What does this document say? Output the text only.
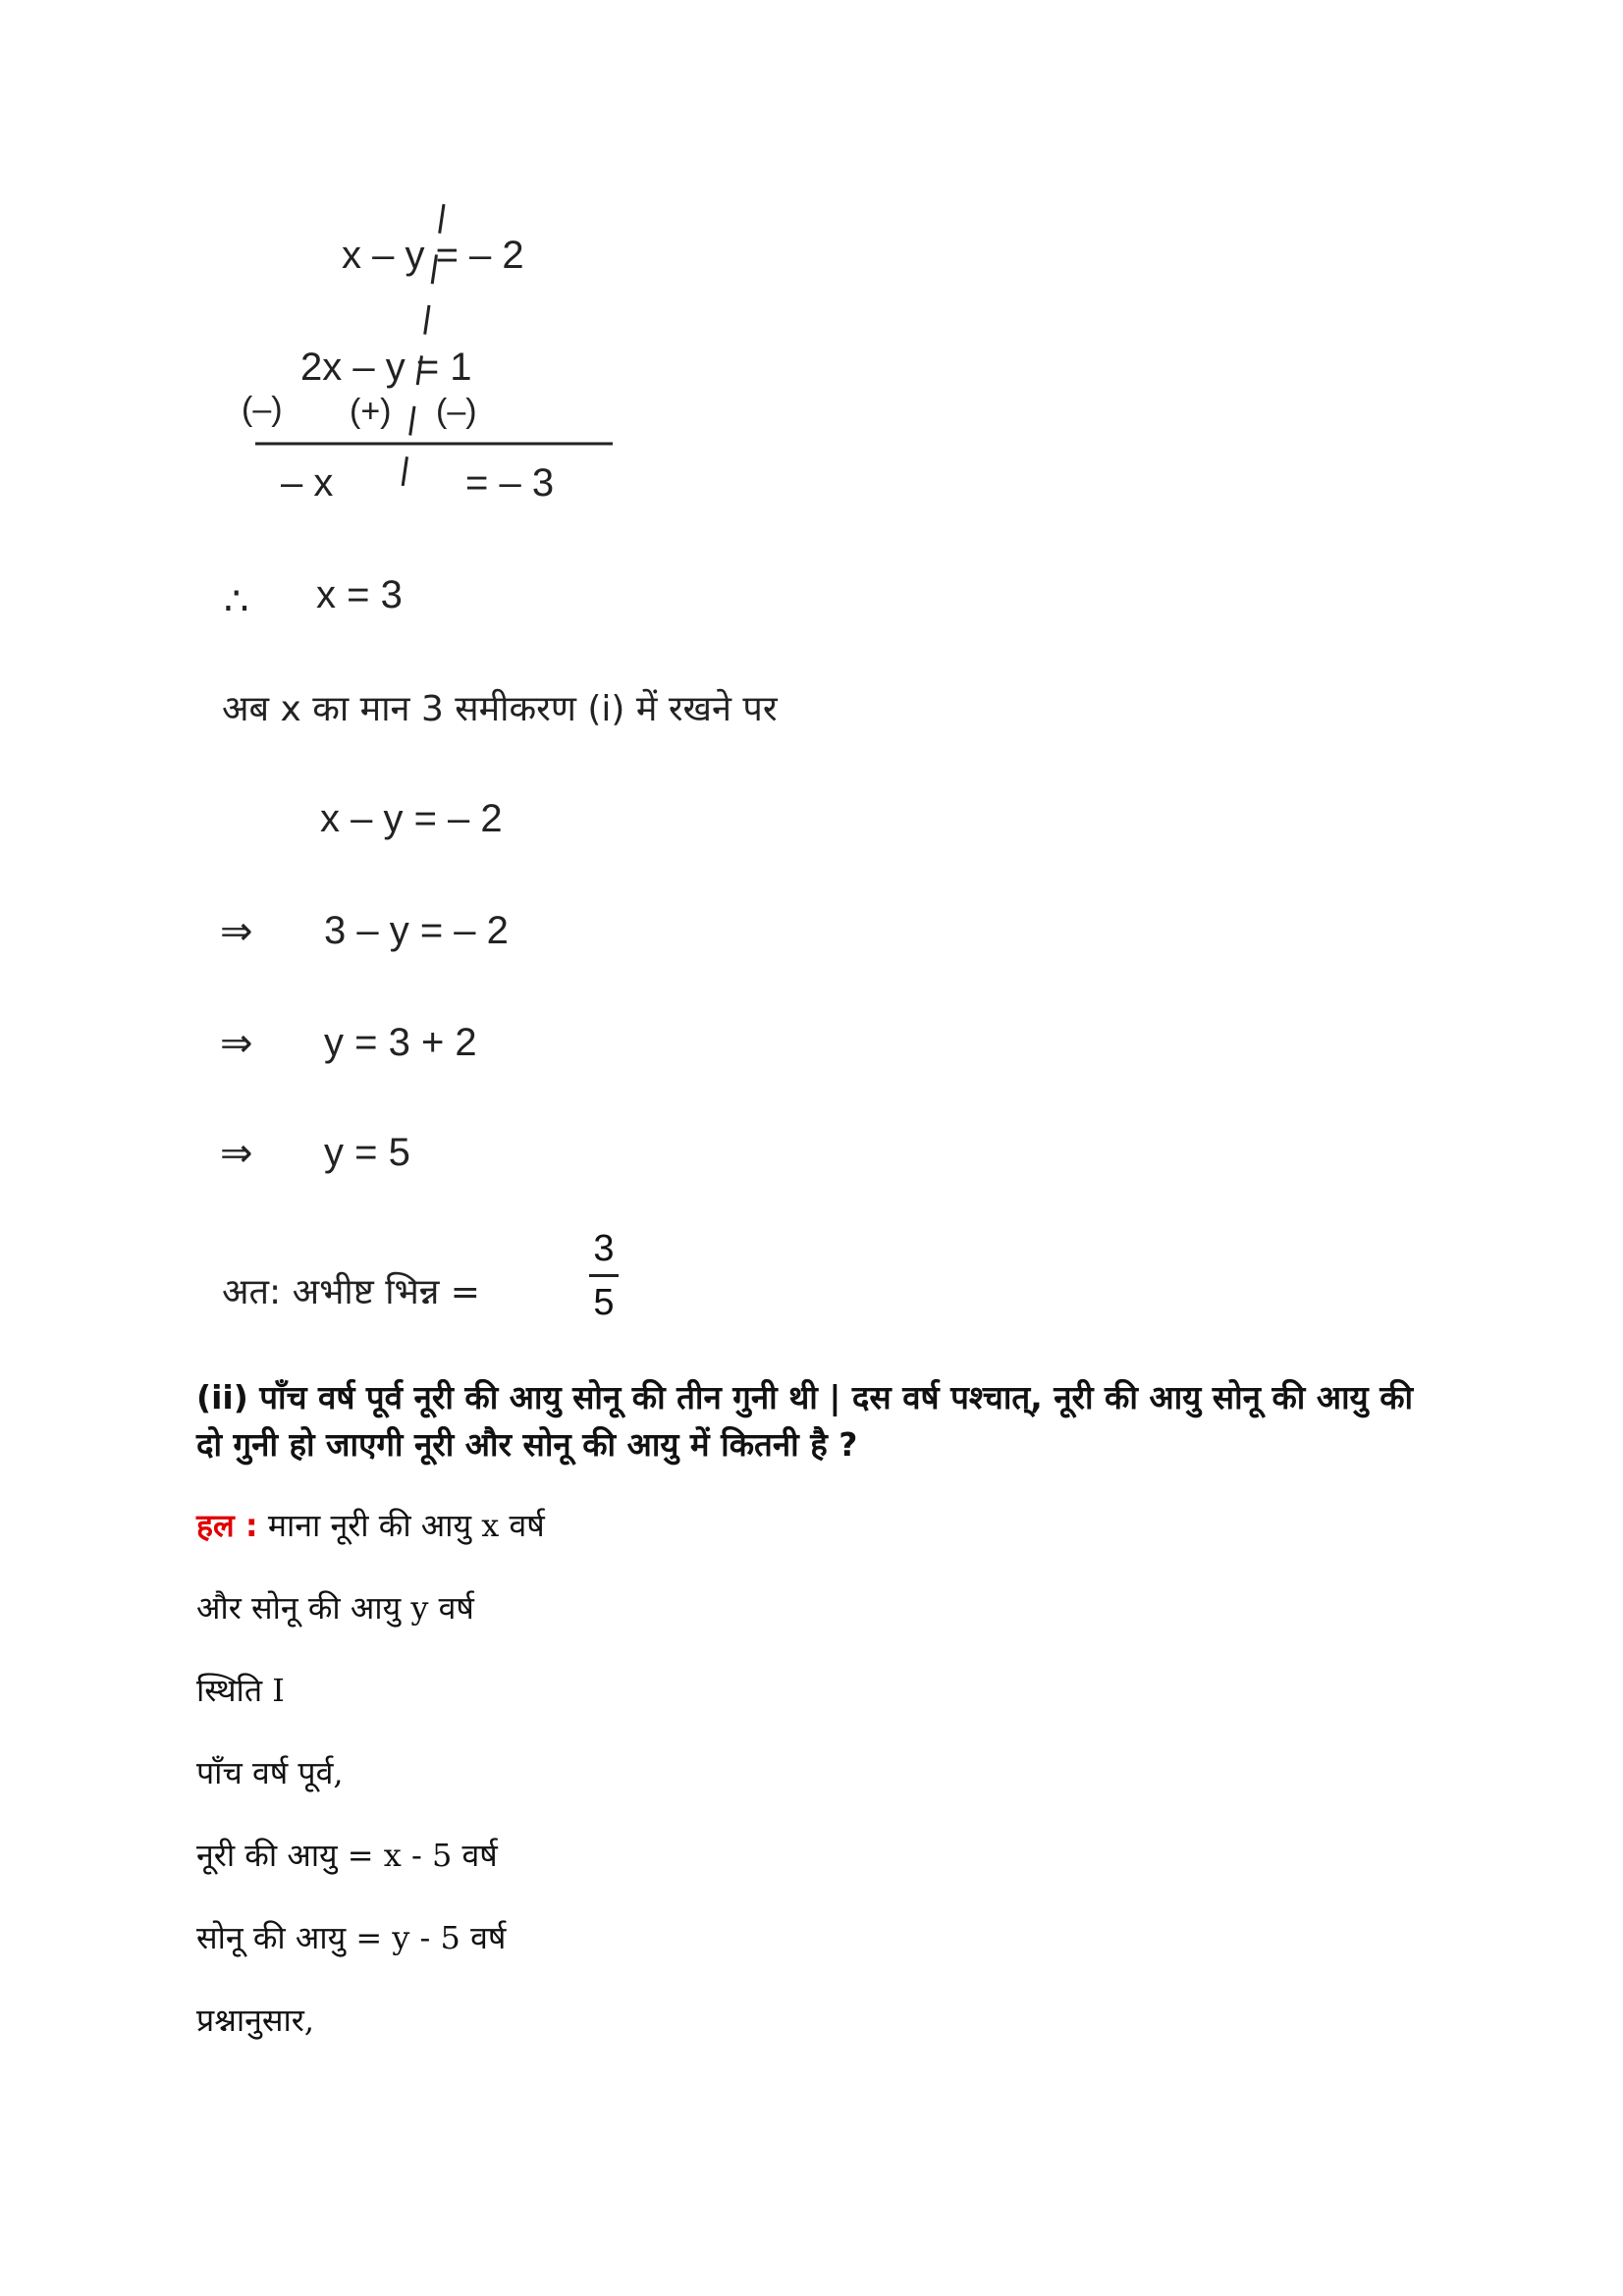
x – y = – 2
2x – y = 1
(–) (+) (–)
– x	= – 3
∴ x = 3
अब x का मान 3 समीकरण (i) में रखने पर
x – y = – 2
⇒ 3 – y = – 2
⇒ y = 3 + 2
⇒ y = 5
अत: अभीष्ट भिन्न =
3
5
(ii) पाँच वर्ष पूर्व नूरी की आयु सोनू की तीन गुनी थी | दस वर्ष पश्चात्, नूरी की आयु सोनू की आयु की दो गुनी हो जाएगी नूरी और सोनू की आयु में कितनी है ?
हल : माना नूरी की आयु x वर्ष
और सोनू की आयु y वर्ष
स्थिति I
पाँच वर्ष पूर्व,
नूरी की आयु = x - 5 वर्ष
सोनू की आयु = y - 5 वर्ष
प्रश्नानुसार,
